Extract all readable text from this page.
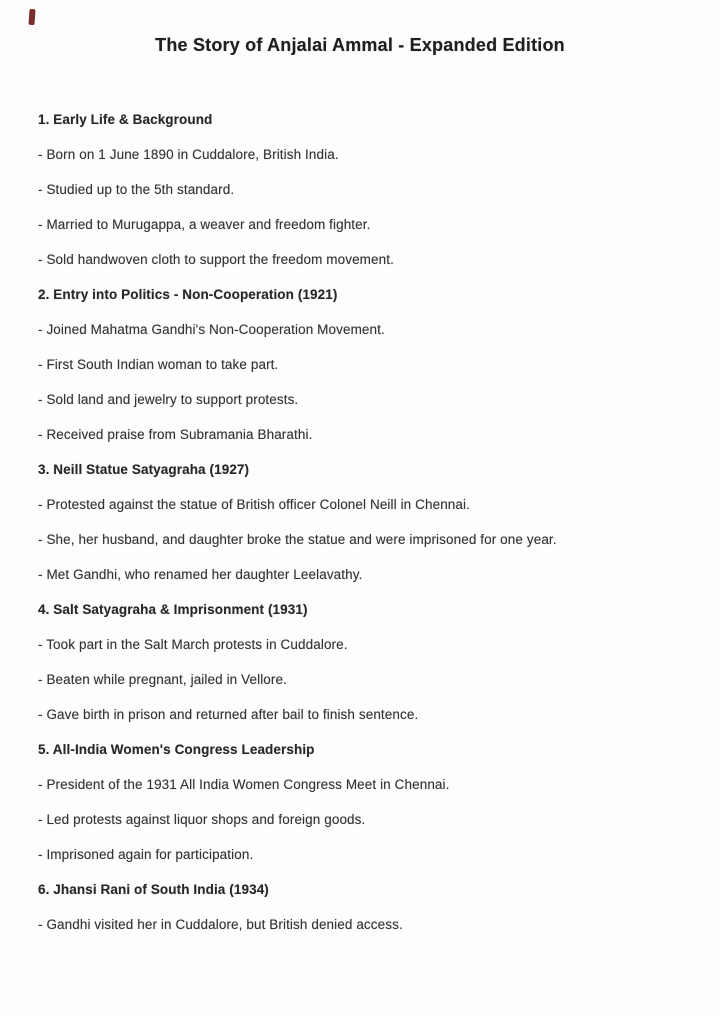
The Story of Anjalai Ammal - Expanded Edition
1. Early Life & Background
- Born on 1 June 1890 in Cuddalore, British India.
- Studied up to the 5th standard.
- Married to Murugappa, a weaver and freedom fighter.
- Sold handwoven cloth to support the freedom movement.
2. Entry into Politics - Non-Cooperation (1921)
- Joined Mahatma Gandhi's Non-Cooperation Movement.
- First South Indian woman to take part.
- Sold land and jewelry to support protests.
- Received praise from Subramania Bharathi.
3. Neill Statue Satyagraha (1927)
- Protested against the statue of British officer Colonel Neill in Chennai.
- She, her husband, and daughter broke the statue and were imprisoned for one year.
- Met Gandhi, who renamed her daughter Leelavathy.
4. Salt Satyagraha & Imprisonment (1931)
- Took part in the Salt March protests in Cuddalore.
- Beaten while pregnant, jailed in Vellore.
- Gave birth in prison and returned after bail to finish sentence.
5. All-India Women's Congress Leadership
- President of the 1931 All India Women Congress Meet in Chennai.
- Led protests against liquor shops and foreign goods.
- Imprisoned again for participation.
6. Jhansi Rani of South India (1934)
- Gandhi visited her in Cuddalore, but British denied access.
